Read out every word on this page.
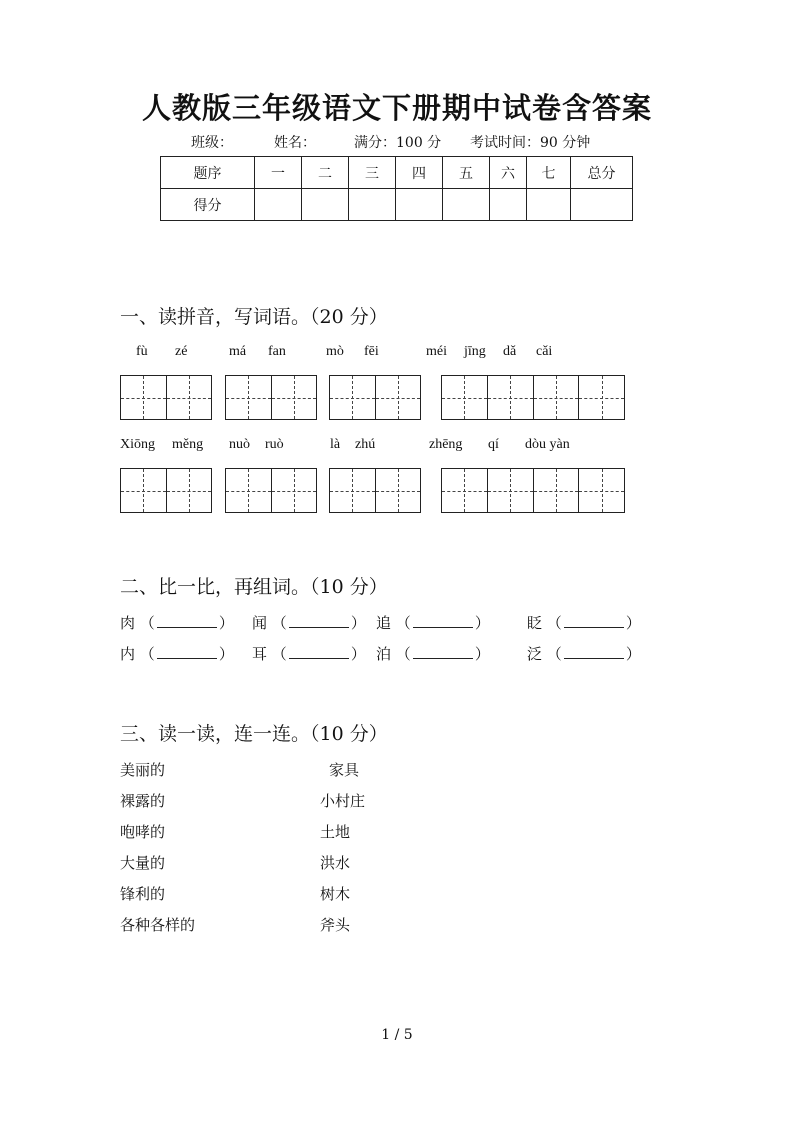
人教版三年级语文下册期中试卷含答案
班级：	姓名：	满分：100 分 考试时间：90 分钟
题序	一	二	三	四	五	六	七	总分
得分								
一、读拼音，写词语。（20 分）
fù zé	má fan	mò fēi	méi jīng dǎ cǎi
Xiōng měng nuò ruò	là zhú	zhēng qí dòu yàn
二、比一比，再组词。（10 分）
肉 （	） 闻 （	） 追 （	） 眨 （	）
内 （	） 耳 （	） 泊 （	） 泛 （	）
三、读一读，连一连。（10 分）
美丽的
裸露的
咆哮的
大量的
锋利的
各种各样的
家具
小村庄
土地
洪水
树木
斧头
1 / 5
